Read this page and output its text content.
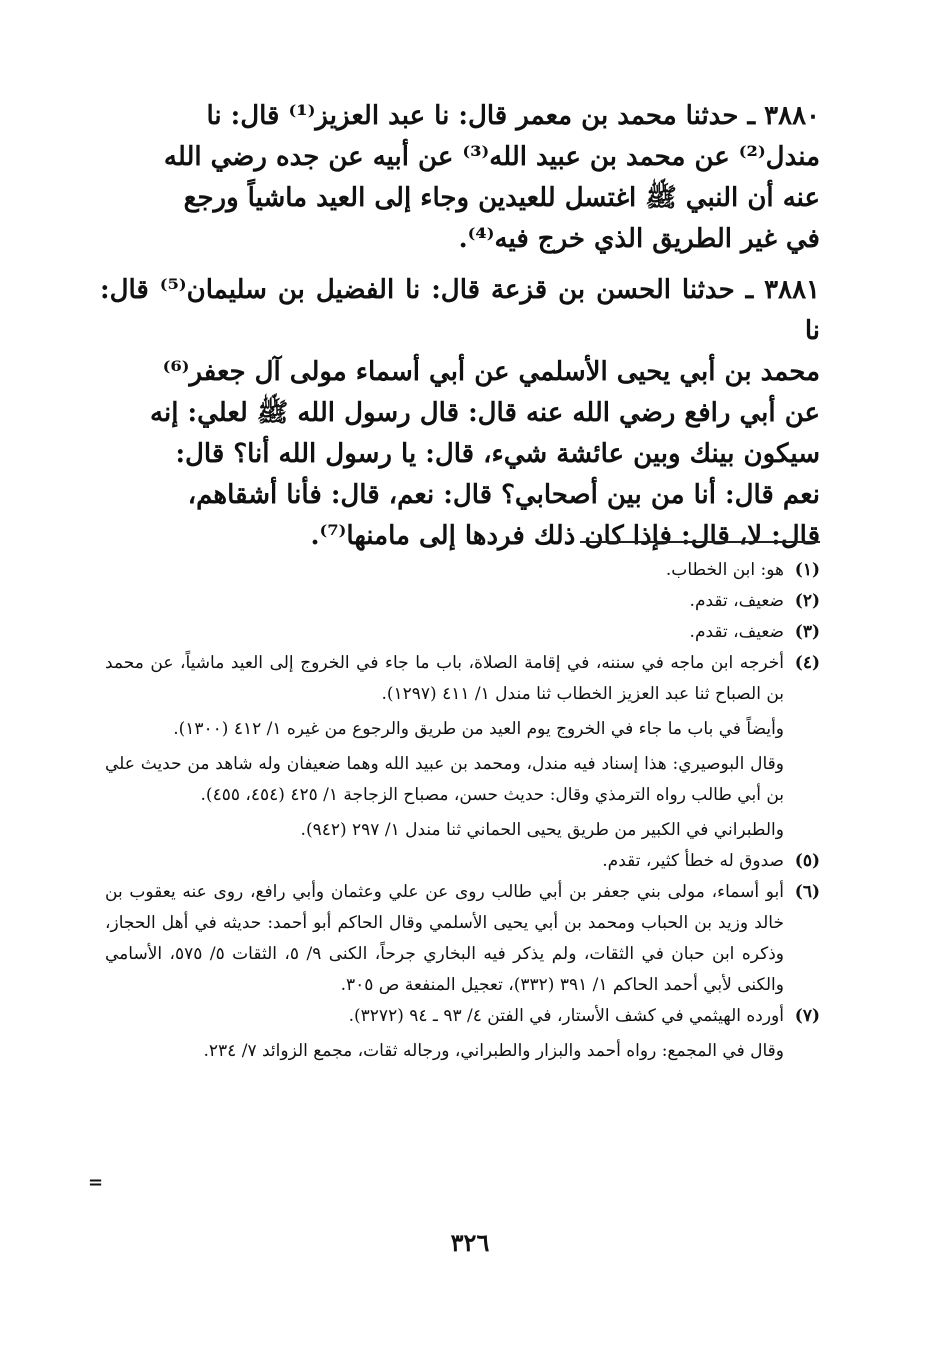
٣٨٨٠ ـ حدثنا محمد بن معمر قال: نا عبد العزيز⁽¹⁾ قال: نا
مندل⁽²⁾ عن محمد بن عبيد الله⁽³⁾ عن أبيه عن جده رضي الله
عنه أن النبي ﷺ اغتسل للعيدين وجاء إلى العيد ماشياً ورجع
في غير الطريق الذي خرج فيه⁽⁴⁾.
٣٨٨١ ـ حدثنا الحسن بن قزعة قال: نا الفضيل بن سليمان⁽⁵⁾ قال: نا
محمد بن أبي يحيى الأسلمي عن أبي أسماء مولى آل جعفر⁽⁶⁾
عن أبي رافع رضي الله عنه قال: قال رسول الله ﷺ لعلي: إنه
سيكون بينك وبين عائشة شيء، قال: يا رسول الله أنا؟ قال:
نعم قال: أنا من بين أصحابي؟ قال: نعم، قال: فأنا أشقاهم،
قال: لا، قال: فإذا كان ذلك فردها إلى مامنها⁽⁷⁾.
(١)

هو: ابن الخطاب.

(٢)

ضعيف، تقدم.

(٣)

ضعيف، تقدم.

(٤)

أخرجه ابن ماجه في سننه، في إقامة الصلاة، باب ما جاء في الخروج إلى العيد ماشياً، عن محمد بن الصباح ثنا عبد العزيز الخطاب ثنا مندل ١/ ٤١١ (١٢٩٧).

وأيضاً في باب ما جاء في الخروج يوم العيد من طريق والرجوع من غيره ١/ ٤١٢ (١٣٠٠).

وقال البوصيري: هذا إسناد فيه مندل، ومحمد بن عبيد الله وهما ضعيفان وله شاهد من حديث علي بن أبي طالب رواه الترمذي وقال: حديث حسن، مصباح الزجاجة ١/ ٤٢٥ (٤٥٤، ٤٥٥).

والطبراني في الكبير من طريق يحيى الحماني ثنا مندل ١/ ٢٩٧ (٩٤٢).

(٥)

صدوق له خطأ كثير، تقدم.

(٦)

أبو أسماء، مولى بني جعفر بن أبي طالب روى عن علي وعثمان وأبي رافع، روى عنه يعقوب بن خالد وزيد بن الحباب ومحمد بن أبي يحيى الأسلمي وقال الحاكم أبو أحمد: حديثه في أهل الحجاز، وذكره ابن حبان في الثقات، ولم يذكر فيه البخاري جرحاً، الكنى ٩/ ٥، الثقات ٥/ ٥٧٥، الأسامي والكنى لأبي أحمد الحاكم ١/ ٣٩١ (٣٣٢)، تعجيل المنفعة ص ٣٠٥.

(٧)

أورده الهيثمي في كشف الأستار، في الفتن ٤/ ٩٣ ـ ٩٤ (٣٢٧٢).

وقال في المجمع: رواه أحمد والبزار والطبراني، ورجاله ثقات، مجمع الزوائد ٧/ ٢٣٤.

=
٣٢٦
